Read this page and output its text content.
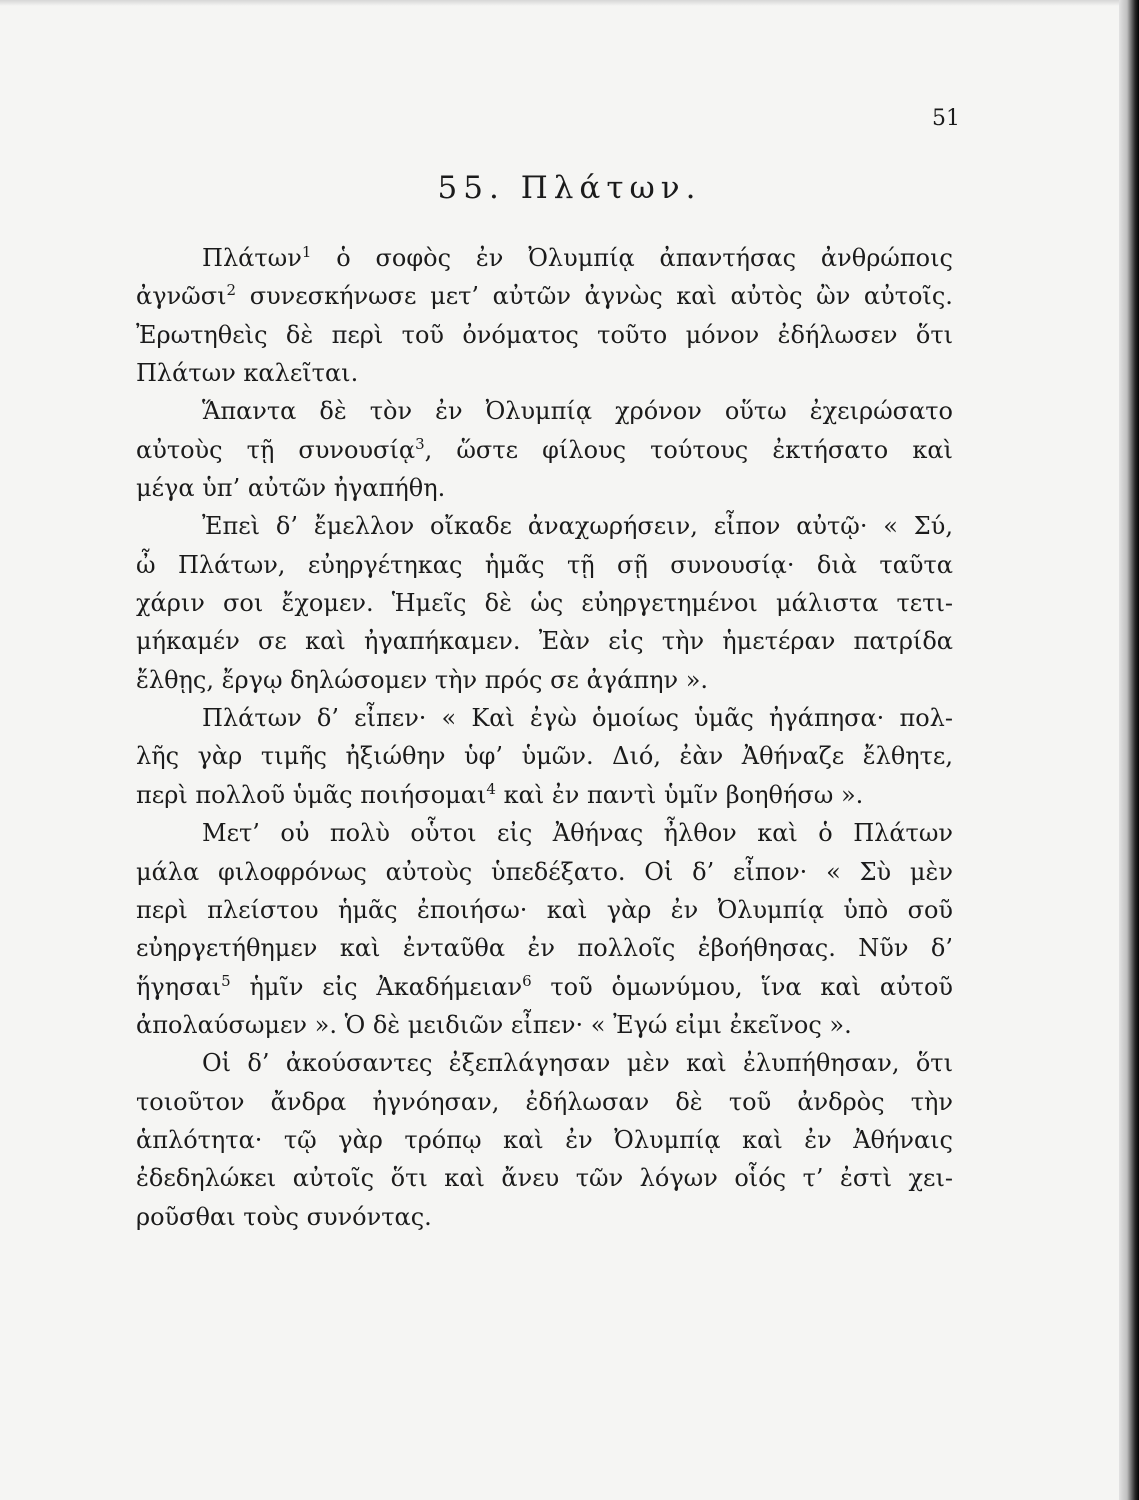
51
55. Πλάτων.
Πλάτων$^1$ ὁ σοφὸς ἐν Ὀλυμπίᾳ ἀπαντήσας ἀνθρώποις
ἀγνῶσι$^2$ συνεσκήνωσε μετ’ αὐτῶν ἀγνὼς καὶ αὐτὸς ὢν αὐτοῖς.
Ἐρωτηθεὶς δὲ περὶ τοῦ ὀνόματος τοῦτο μόνον ἐδήλωσεν ὅτι
Πλάτων καλεῖται.
Ἅπαντα δὲ τὸν ἐν Ὀλυμπίᾳ χρόνον οὕτω ἐχειρώσατο
αὐτοὺς τῇ συνουσίᾳ$^3$, ὥστε φίλους τούτους ἐκτήσατο καὶ
μέγα ὑπ’ αὐτῶν ἠγαπήθη.
Ἐπεὶ δ’ ἔμελλον οἴκαδε ἀναχωρήσειν, εἶπον αὐτῷ· « Σύ,
ὦ Πλάτων, εὐηργέτηκας ἡμᾶς τῇ σῇ συνουσίᾳ· διὰ ταῦτα
χάριν σοι ἔχομεν. Ἡμεῖς δὲ ὡς εὐηργετημένοι μάλιστα τετι-
μήκαμέν σε καὶ ἠγαπήκαμεν. Ἐὰν εἰς τὴν ἡμετέραν πατρίδα
ἔλθῃς, ἔργῳ δηλώσομεν τὴν πρός σε ἀγάπην ».
Πλάτων δ’ εἶπεν· « Καὶ ἐγὼ ὁμοίως ὑμᾶς ἠγάπησα· πολ-
λῆς γὰρ τιμῆς ἠξιώθην ὑφ’ ὑμῶν. Διό, ἐὰν Ἀθήναζε ἔλθητε,
περὶ πολλοῦ ὑμᾶς ποιήσομαι$^4$ καὶ ἐν παντὶ ὑμῖν βοηθήσω ».
Μετ’ οὐ πολὺ οὗτοι εἰς Ἀθήνας ἦλθον καὶ ὁ Πλάτων
μάλα φιλοφρόνως αὐτοὺς ὑπεδέξατο. Οἱ δ’ εἶπον· « Σὺ μὲν
περὶ πλείστου ἡμᾶς ἐποιήσω· καὶ γὰρ ἐν Ὀλυμπίᾳ ὑπὸ σοῦ
εὐηργετήθημεν καὶ ἐνταῦθα ἐν πολλοῖς ἐβοήθησας. Νῦν δ’
ἥγησαι$^5$ ἡμῖν εἰς Ἀκαδήμειαν$^6$ τοῦ ὁμωνύμου, ἵνα καὶ αὐτοῦ
ἀπολαύσωμεν ». Ὁ δὲ μειδιῶν εἶπεν· « Ἐγώ εἰμι ἐκεῖνος ».
Οἱ δ’ ἀκούσαντες ἐξεπλάγησαν μὲν καὶ ἐλυπήθησαν, ὅτι
τοιοῦτον ἄνδρα ἠγνόησαν, ἐδήλωσαν δὲ τοῦ ἀνδρὸς τὴν
ἁπλότητα· τῷ γὰρ τρόπῳ καὶ ἐν Ὀλυμπίᾳ καὶ ἐν Ἀθήναις
ἐδεδηλώκει αὐτοῖς ὅτι καὶ ἄνευ τῶν λόγων οἷός τ’ ἐστὶ χει-
ροῦσθαι τοὺς συνόντας.
